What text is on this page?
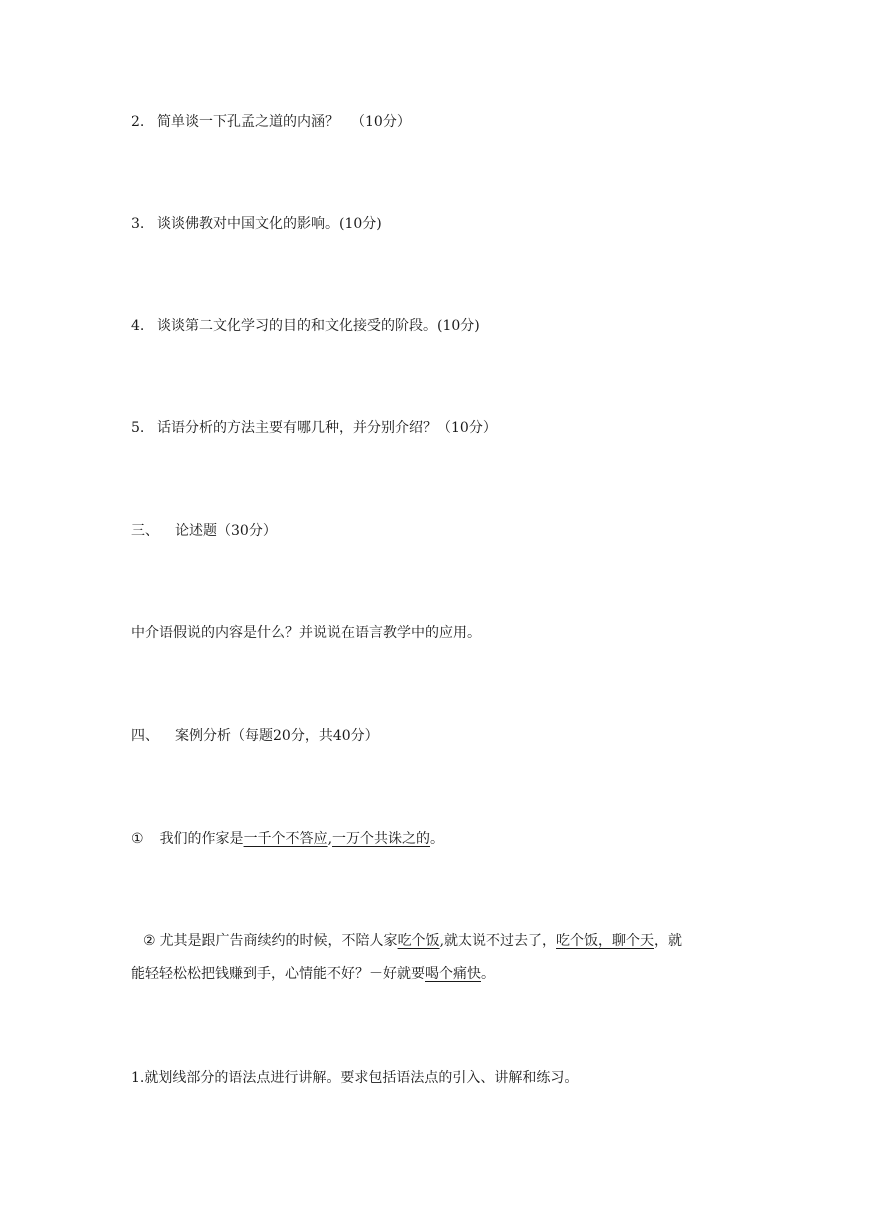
2. 简单谈一下孔孟之道的内涵？ （10分）
3. 谈谈佛教对中国文化的影响。(10分)
4. 谈谈第二文化学习的目的和文化接受的阶段。(10分)
5. 话语分析的方法主要有哪几种，并分别介绍？（10分）
三、 论述题（30分）
中介语假说的内容是什么？并说说在语言教学中的应用。
四、 案例分析（每题20分，共40分）
① 我们的作家是一千个不答应,一万个共诛之的。
② 尤其是跟广告商续约的时候，不陪人家吃个饭,就太说不过去了，吃个饭，聊个天，就
能轻轻松松把钱赚到手，心情能不好？－好就要喝个痛快。
1.就划线部分的语法点进行讲解。要求包括语法点的引入、讲解和练习。
